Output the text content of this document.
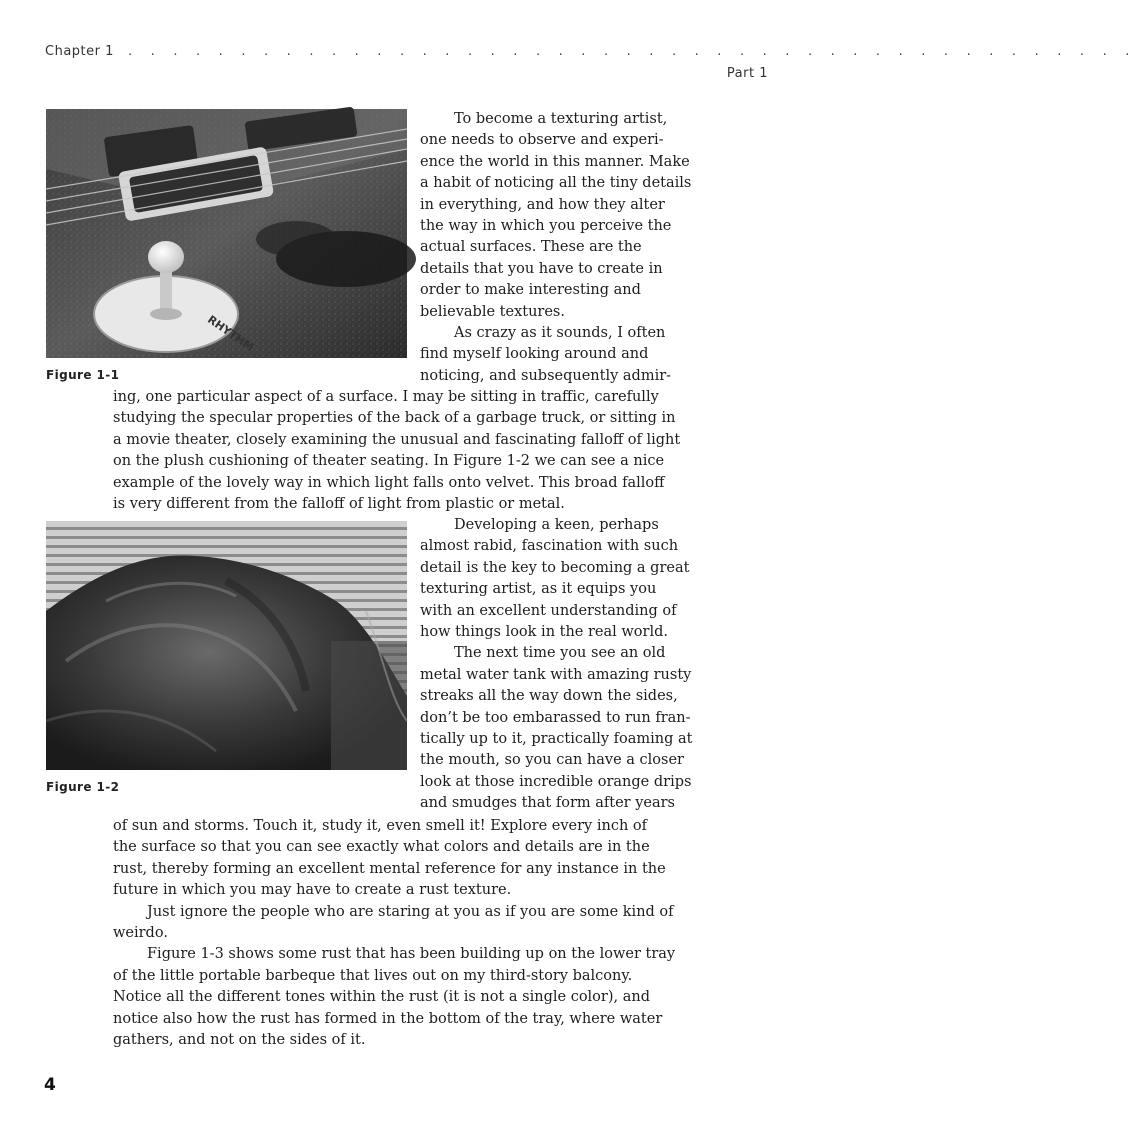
Chapter 1 . . . . . . . . . . . . . . . . . . . . . . . . . . . . . . . . . . . . . . . . . . . . .
Part 1
RHYTHM
Figure 1-1
Figure 1-2
To become a texturing artist,
one needs to observe and experi-
ence the world in this manner. Make
a habit of noticing all the tiny details
in everything, and how they alter
the way in which you perceive the
actual surfaces. These are the
details that you have to create in
order to make interesting and
believable textures.
As crazy as it sounds, I often
find myself looking around and
noticing, and subsequently admir-
ing, one particular aspect of a surface. I may be sitting in traffic, carefully
studying the specular properties of the back of a garbage truck, or sitting in
a movie theater, closely examining the unusual and fascinating falloff of light
on the plush cushioning of theater seating. In Figure 1-2 we can see a nice
example of the lovely way in which light falls onto velvet. This broad falloff
is very different from the falloff of light from plastic or metal.
Developing a keen, perhaps
almost rabid, fascination with such
detail is the key to becoming a great
texturing artist, as it equips you
with an excellent understanding of
how things look in the real world.
The next time you see an old
metal water tank with amazing rusty
streaks all the way down the sides,
don’t be too embarassed to run fran-
tically up to it, practically foaming at
the mouth, so you can have a closer
look at those incredible orange drips
and smudges that form after years
of sun and storms. Touch it, study it, even smell it! Explore every inch of
the surface so that you can see exactly what colors and details are in the
rust, thereby forming an excellent mental reference for any instance in the
future in which you may have to create a rust texture.
Just ignore the people who are staring at you as if you are some kind of
weirdo.
Figure 1-3 shows some rust that has been building up on the lower tray
of the little portable barbeque that lives out on my third-story balcony.
Notice all the different tones within the rust (it is not a single color), and
notice also how the rust has formed in the bottom of the tray, where water
gathers, and not on the sides of it.
4
